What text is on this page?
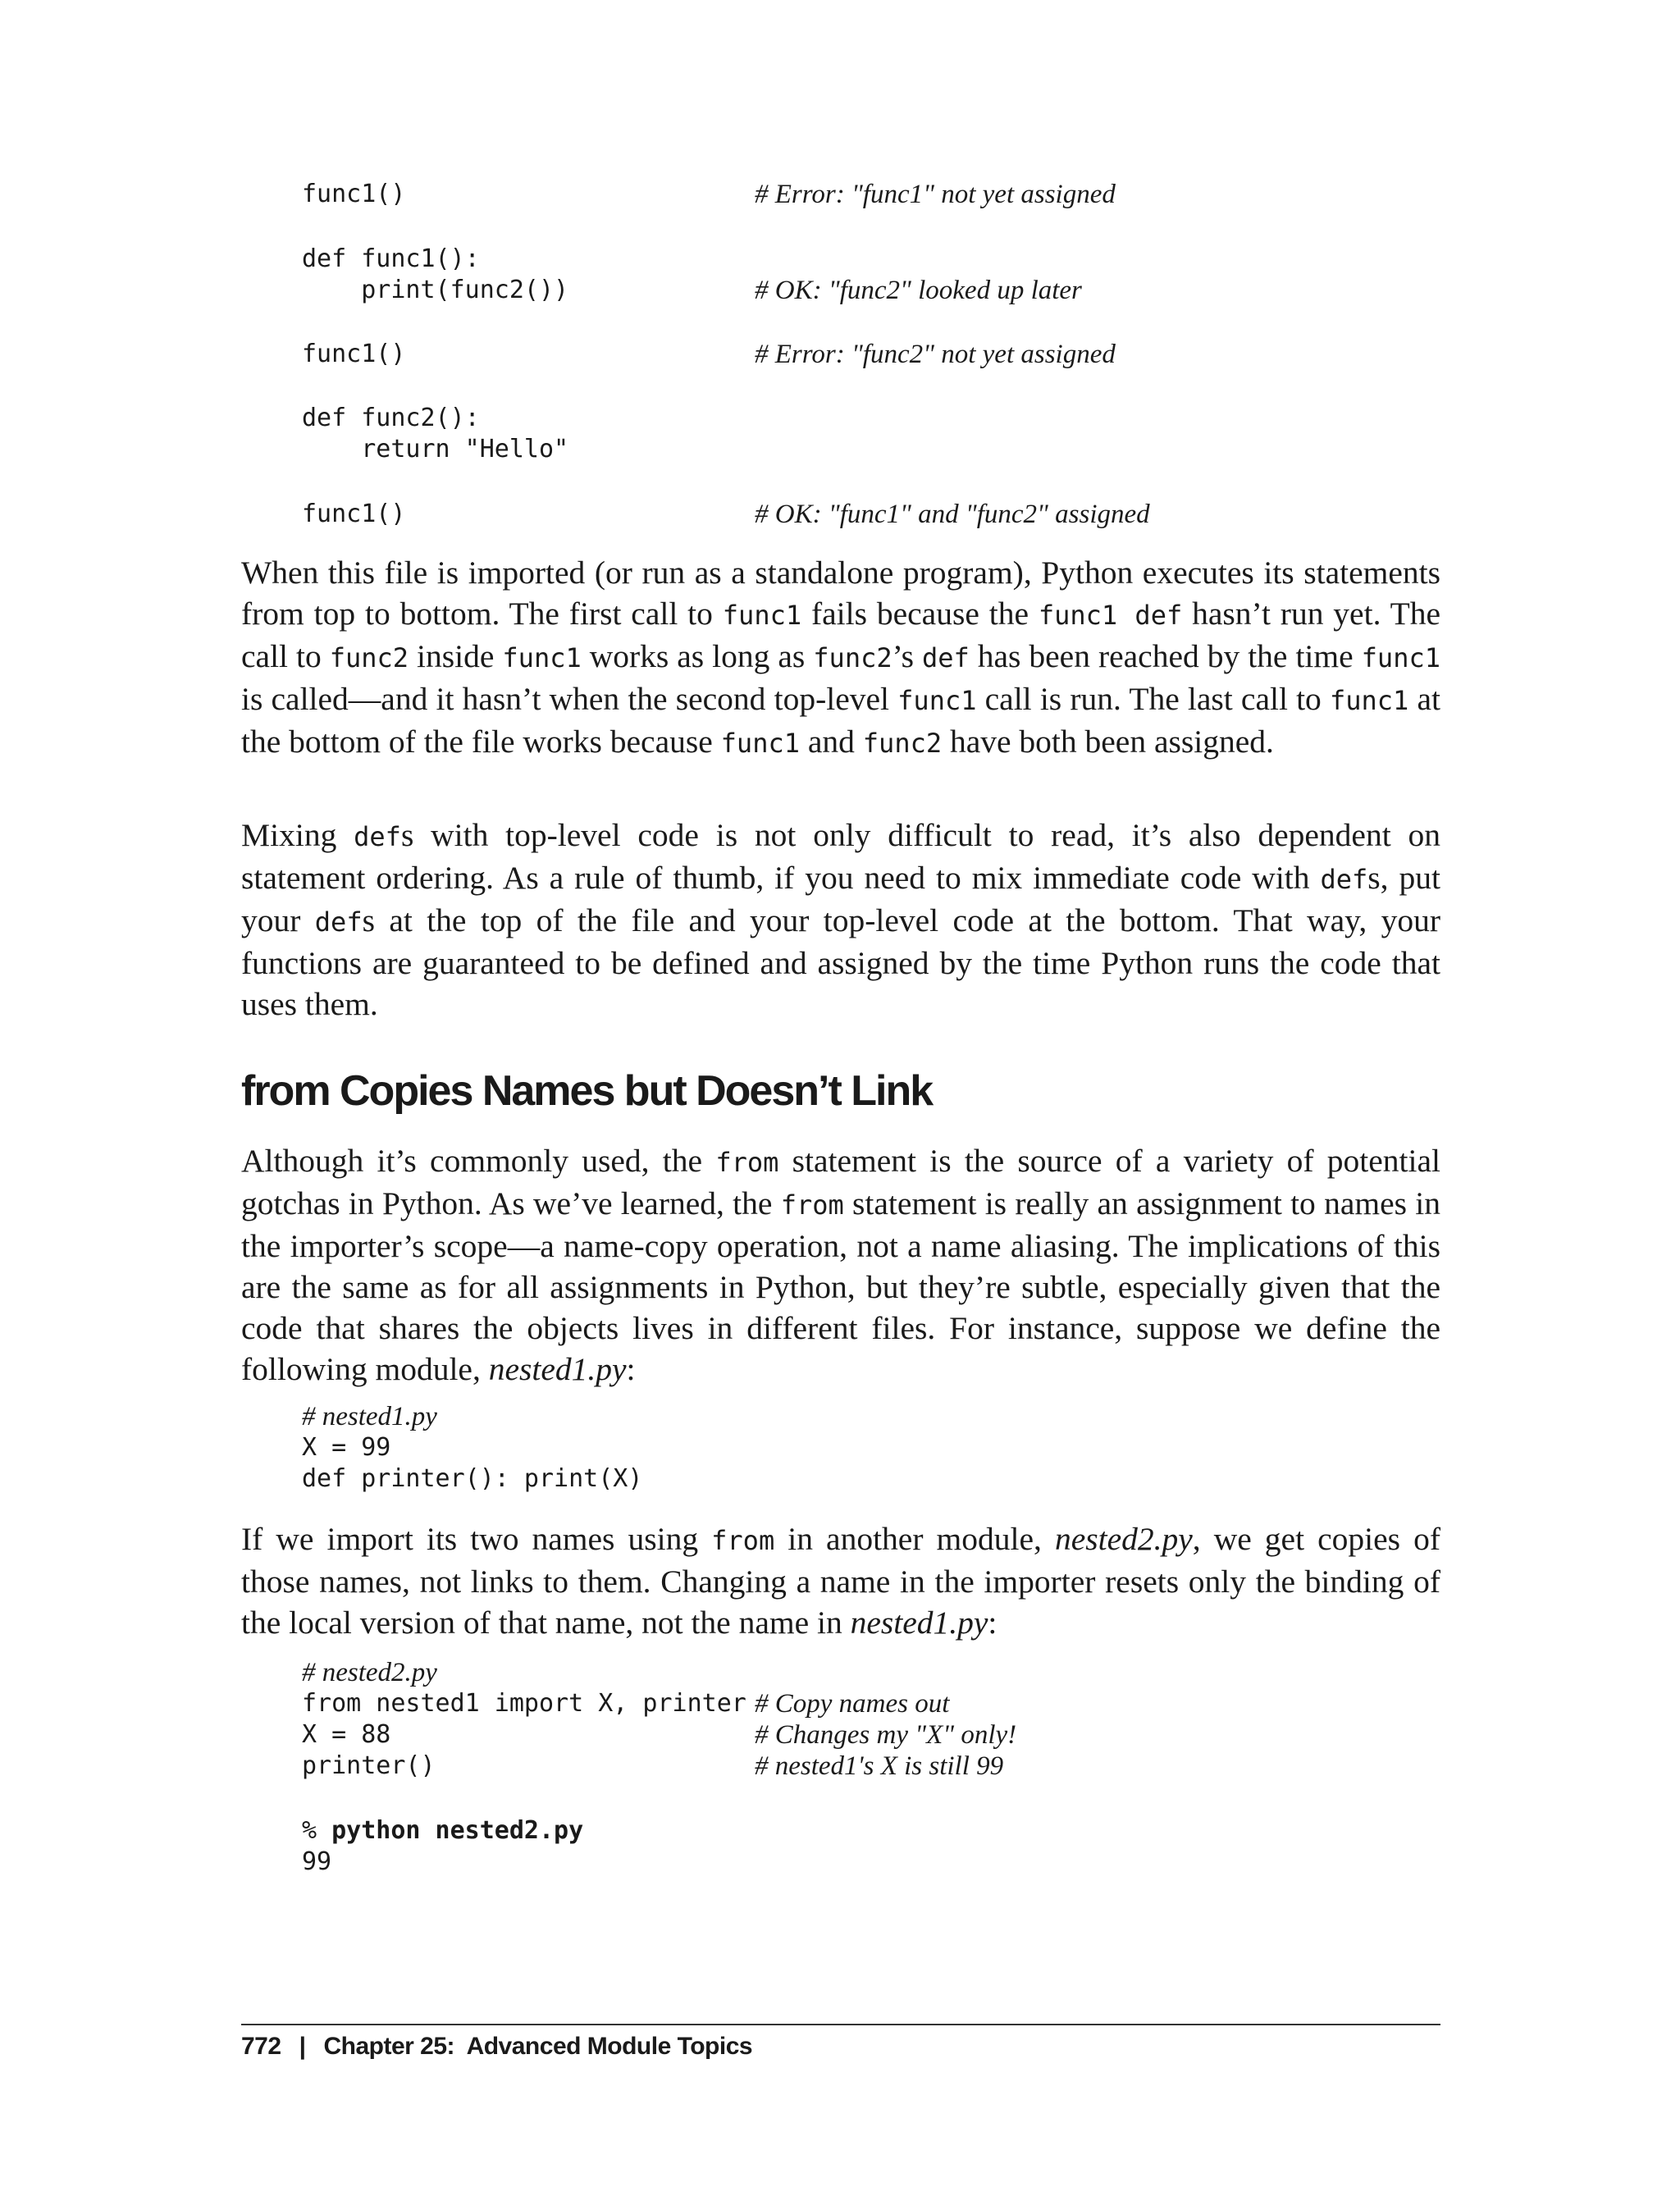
func1()	# Error: "func1" not yet assigned
def func1():
print(func2())	# OK: "func2" looked up later
func1()	# Error: "func2" not yet assigned
def func2():
return "Hello"
func1()	# OK: "func1" and "func2" assigned

When this file is imported (or run as a standalone program), Python executes its statements from top to bottom. The first call to func1 fails because the func1 def hasn’t run yet. The call to func2 inside func1 works as long as func2’s def has been reached by the time func1 is called—and it hasn’t when the second top-level func1 call is run. The last call to func1 at the bottom of the file works because func1 and func2 have both been assigned.

Mixing defs with top-level code is not only difficult to read, it’s also dependent on statement ordering. As a rule of thumb, if you need to mix immediate code with defs, put your defs at the top of the file and your top-level code at the bottom. That way, your functions are guaranteed to be defined and assigned by the time Python runs the code that uses them.

from Copies Names but Doesn’t Link

Although it’s commonly used, the from statement is the source of a variety of potential gotchas in Python. As we’ve learned, the from statement is really an assignment to names in the importer’s scope—a name-copy operation, not a name aliasing. The implications of this are the same as for all assignments in Python, but they’re subtle, especially given that the code that shares the objects lives in different files. For instance, suppose we define the following module, nested1.py:

# nested1.py
X = 99
def printer(): print(X)

If we import its two names using from in another module, nested2.py, we get copies of those names, not links to them. Changing a name in the importer resets only the binding of the local version of that name, not the name in nested1.py:

# nested2.py
from nested1 import X, printer # Copy names out
X = 88	# Changes my "X" only!
printer()	# nested1's X is still 99
% python nested2.py
99
772 | Chapter 25:  Advanced Module Topics
